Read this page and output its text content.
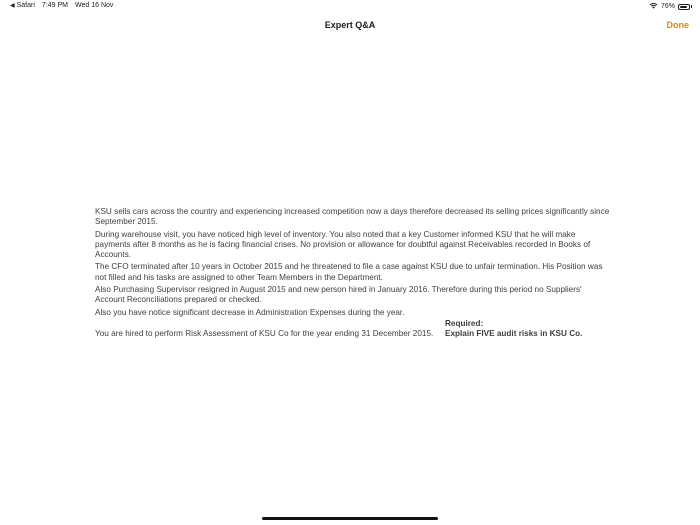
◀ Safari 7:49 PM Wed 16 Nov	76%
Expert Q&A	Done

KSU sells cars across the country and experiencing increased competition now a days therefore decreased its selling prices significantly since September 2015.

During warehouse visit, you have noticed high level of inventory. You also noted that a key Customer informed KSU that he will make payments after 8 months as he is facing financial crises. No provision or allowance for doubtful against Receivables recorded in Books of Accounts.

The CFO terminated after 10 years in October 2015 and he threatened to file a case against KSU due to unfair termination. His Position was not filled and his tasks are assigned to other Team Members in the Department.

Also Purchasing Supervisor resigned in August 2015 and new person hired in January 2016. Therefore during this period no Suppliers' Account Reconciliations prepared or checked.

Also you have notice significant decrease in Administration Expenses during the year.

You are hired to perform Risk Assessment of KSU Co for the year ending 31 December 2015.
Required:
Explain FIVE audit risks in KSU Co.
